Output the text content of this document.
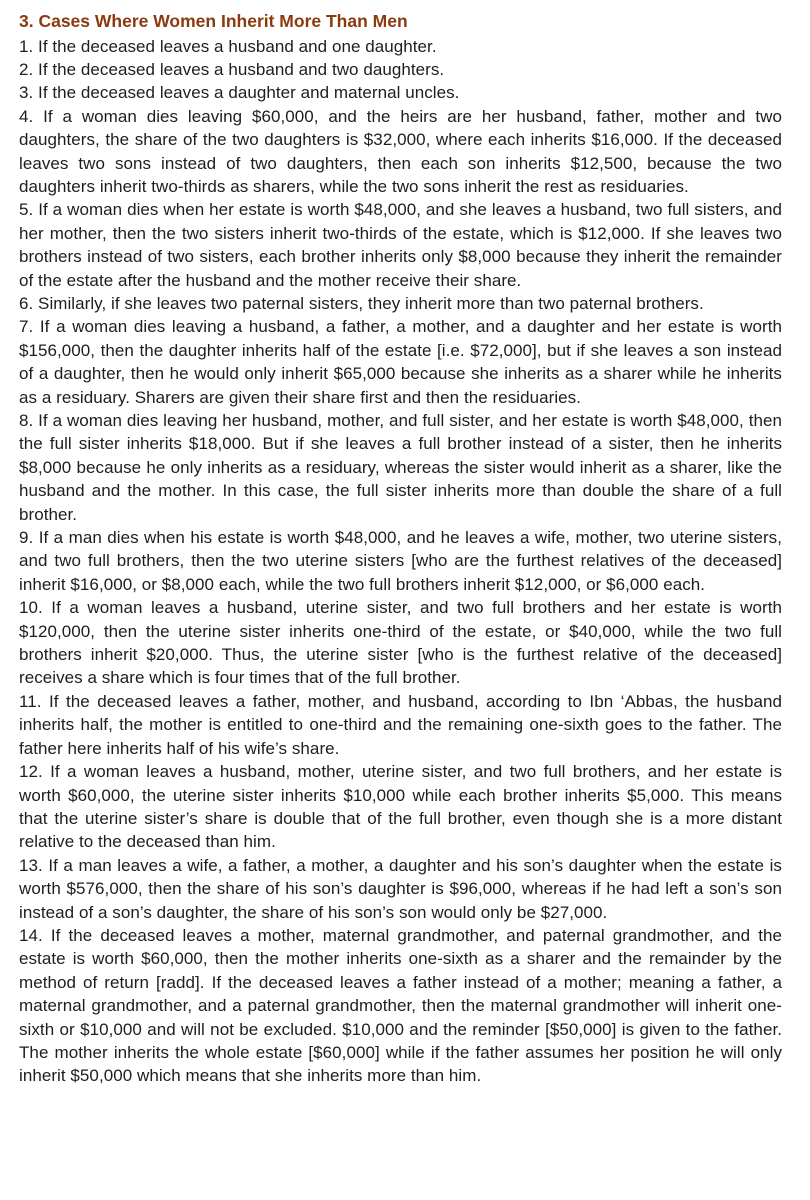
3. Cases Where Women Inherit More Than Men

1. If the deceased leaves a husband and one daughter.

2. If the deceased leaves a husband and two daughters.

3. If the deceased leaves a daughter and maternal uncles.

4. If a woman dies leaving $60,000, and the heirs are her husband, father, mother and two daughters, the share of the two daughters is $32,000, where each inherits $16,000. If the deceased leaves two sons instead of two daughters, then each son inherits $12,500, because the two daughters inherit two-thirds as sharers, while the two sons inherit the rest as residuaries.

5. If a woman dies when her estate is worth $48,000, and she leaves a husband, two full sisters, and her mother, then the two sisters inherit two-thirds of the estate, which is $12,000. If she leaves two brothers instead of two sisters, each brother inherits only $8,000 because they inherit the remainder of the estate after the husband and the mother receive their share.

6. Similarly, if she leaves two paternal sisters, they inherit more than two paternal brothers.

7. If a woman dies leaving a husband, a father, a mother, and a daughter and her estate is worth $156,000, then the daughter inherits half of the estate [i.e. $72,000], but if she leaves a son instead of a daughter, then he would only inherit $65,000 because she inherits as a sharer while he inherits as a residuary. Sharers are given their share first and then the residuaries.

8. If a woman dies leaving her husband, mother, and full sister, and her estate is worth $48,000, then the full sister inherits $18,000. But if she leaves a full brother instead of a sister, then he inherits $8,000 because he only inherits as a residuary, whereas the sister would inherit as a sharer, like the husband and the mother. In this case, the full sister inherits more than double the share of a full brother.

9. If a man dies when his estate is worth $48,000, and he leaves a wife, mother, two uterine sisters, and two full brothers, then the two uterine sisters [who are the furthest relatives of the deceased] inherit $16,000, or $8,000 each, while the two full brothers inherit $12,000, or $6,000 each.

10. If a woman leaves a husband, uterine sister, and two full brothers and her estate is worth $120,000, then the uterine sister inherits one-third of the estate, or $40,000, while the two full brothers inherit $20,000. Thus, the uterine sister [who is the furthest relative of the deceased] receives a share which is four times that of the full brother.

11. If the deceased leaves a father, mother, and husband, according to Ibn ‘Abbas, the husband inherits half, the mother is entitled to one-third and the remaining one-sixth goes to the father. The father here inherits half of his wife’s share.

12. If a woman leaves a husband, mother, uterine sister, and two full brothers, and her estate is worth $60,000, the uterine sister inherits $10,000 while each brother inherits $5,000. This means that the uterine sister’s share is double that of the full brother, even though she is a more distant relative to the deceased than him.

13. If a man leaves a wife, a father, a mother, a daughter and his son’s daughter when the estate is worth $576,000, then the share of his son’s daughter is $96,000, whereas if he had left a son’s son instead of a son’s daughter, the share of his son’s son would only be $27,000.

14. If the deceased leaves a mother, maternal grandmother, and paternal grandmother, and the estate is worth $60,000, then the mother inherits one-sixth as a sharer and the remainder by the method of return [radd]. If the deceased leaves a father instead of a mother; meaning a father, a maternal grandmother, and a paternal grandmother, then the maternal grandmother will inherit one-sixth or $10,000 and will not be excluded. $10,000 and the reminder [$50,000] is given to the father. The mother inherits the whole estate [$60,000] while if the father assumes her position he will only inherit $50,000 which means that she inherits more than him.
